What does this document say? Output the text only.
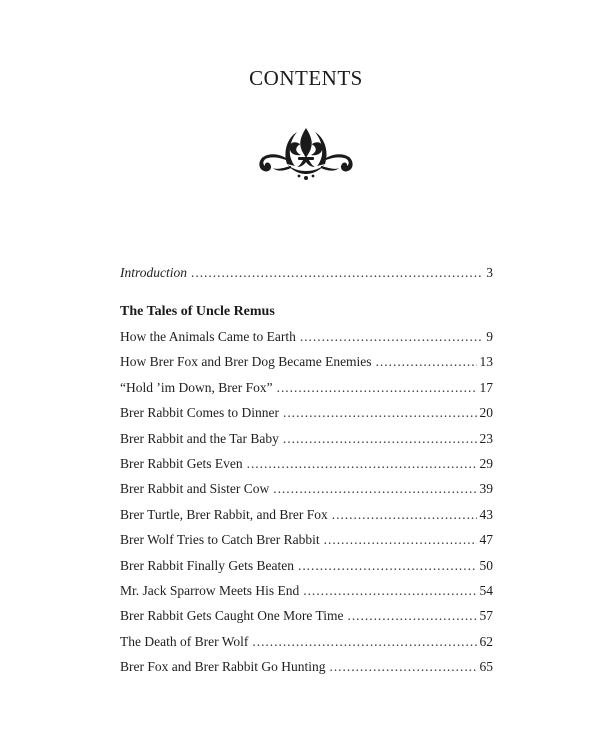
CONTENTS
Introduction . . .	3
The Tales of Uncle Remus
How the Animals Came to Earth . . .	9
How Brer Fox and Brer Dog Became Enemies . . .	13
“Hold ’im Down, Brer Fox” . . .	17
Brer Rabbit Comes to Dinner . . .	20
Brer Rabbit and the Tar Baby . . .	23
Brer Rabbit Gets Even . . .	29
Brer Rabbit and Sister Cow . . .	39
Brer Turtle, Brer Rabbit, and Brer Fox . . .	43
Brer Wolf Tries to Catch Brer Rabbit . . .	47
Brer Rabbit Finally Gets Beaten . . .	50
Mr. Jack Sparrow Meets His End . . .	54
Brer Rabbit Gets Caught One More Time . . .	57
The Death of Brer Wolf . . .	62
Brer Fox and Brer Rabbit Go Hunting . . .	65
